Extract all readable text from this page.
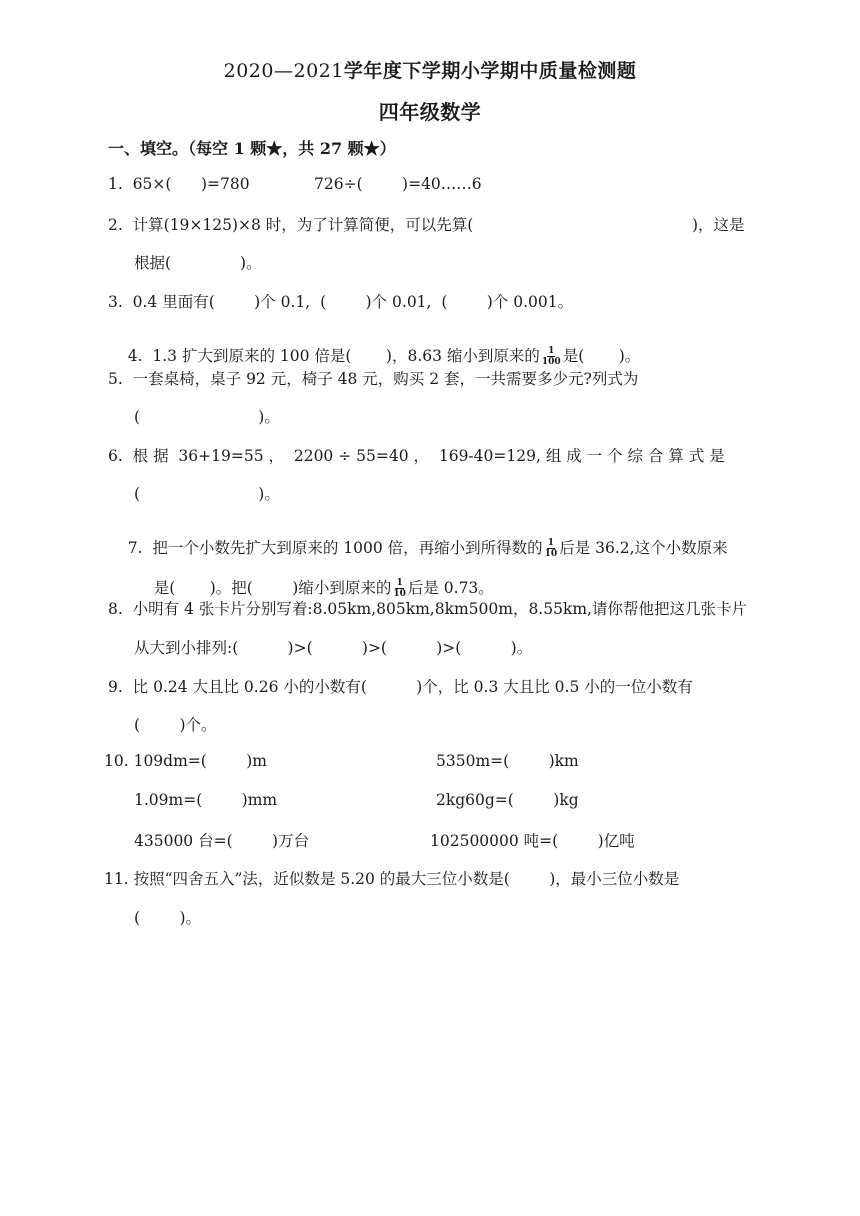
2020—2021学年度下学期小学期中质量检测题
四年级数学
一、填空。（每空 1 颗★，共 27 颗★）
1.  65×(      )=780	726÷(        )=40……6
2.  计算(19×125)×8 时，为了计算简便，可以先算(	)，这是
根据(              )。
3.  0.4 里面有(        )个 0.1,  (        )个 0.01,  (        )个 0.001。

4.  1.3 扩大到原来的 100 倍是(       )，8.63 缩小到原来的 $\frac{1}{100}$ 是(       )。

5.  一套桌椅，桌子 92 元，椅子 48 元，购买 2 套，一共需要多少元?列式为
(                        )。
6.  根 据  36+19=55 ，  2200 ÷ 55=40 ，  169-40=129, 组 成 一 个 综 合 算 式 是
(                        )。

7.  把一个小数先扩大到原来的 1000 倍，再缩小到所得数的 $\frac{1}{10}$ 后是 36.2,这个小数原来

是(       )。把(        )缩小到原来的 $\frac{1}{10}$ 后是 0.73。

8.  小明有 4 张卡片分别写着:8.05km,805km,8km500m，8.55km,请你帮他把这几张卡片
从大到小排列:(          )>(          )>(          )>(          )。
9.  比 0.24 大且比 0.26 小的小数有(          )个，比 0.3 大且比 0.5 小的一位小数有
(        )个。
10. 109dm=(        )m	5350m=(        )km
1.09m=(        )mm	2kg60g=(        )kg
435000 台=(        )万台	102500000 吨=(        )亿吨
11. 按照“四舍五入”法，近似数是 5.20 的最大三位小数是(        )，最小三位小数是
(        )。
